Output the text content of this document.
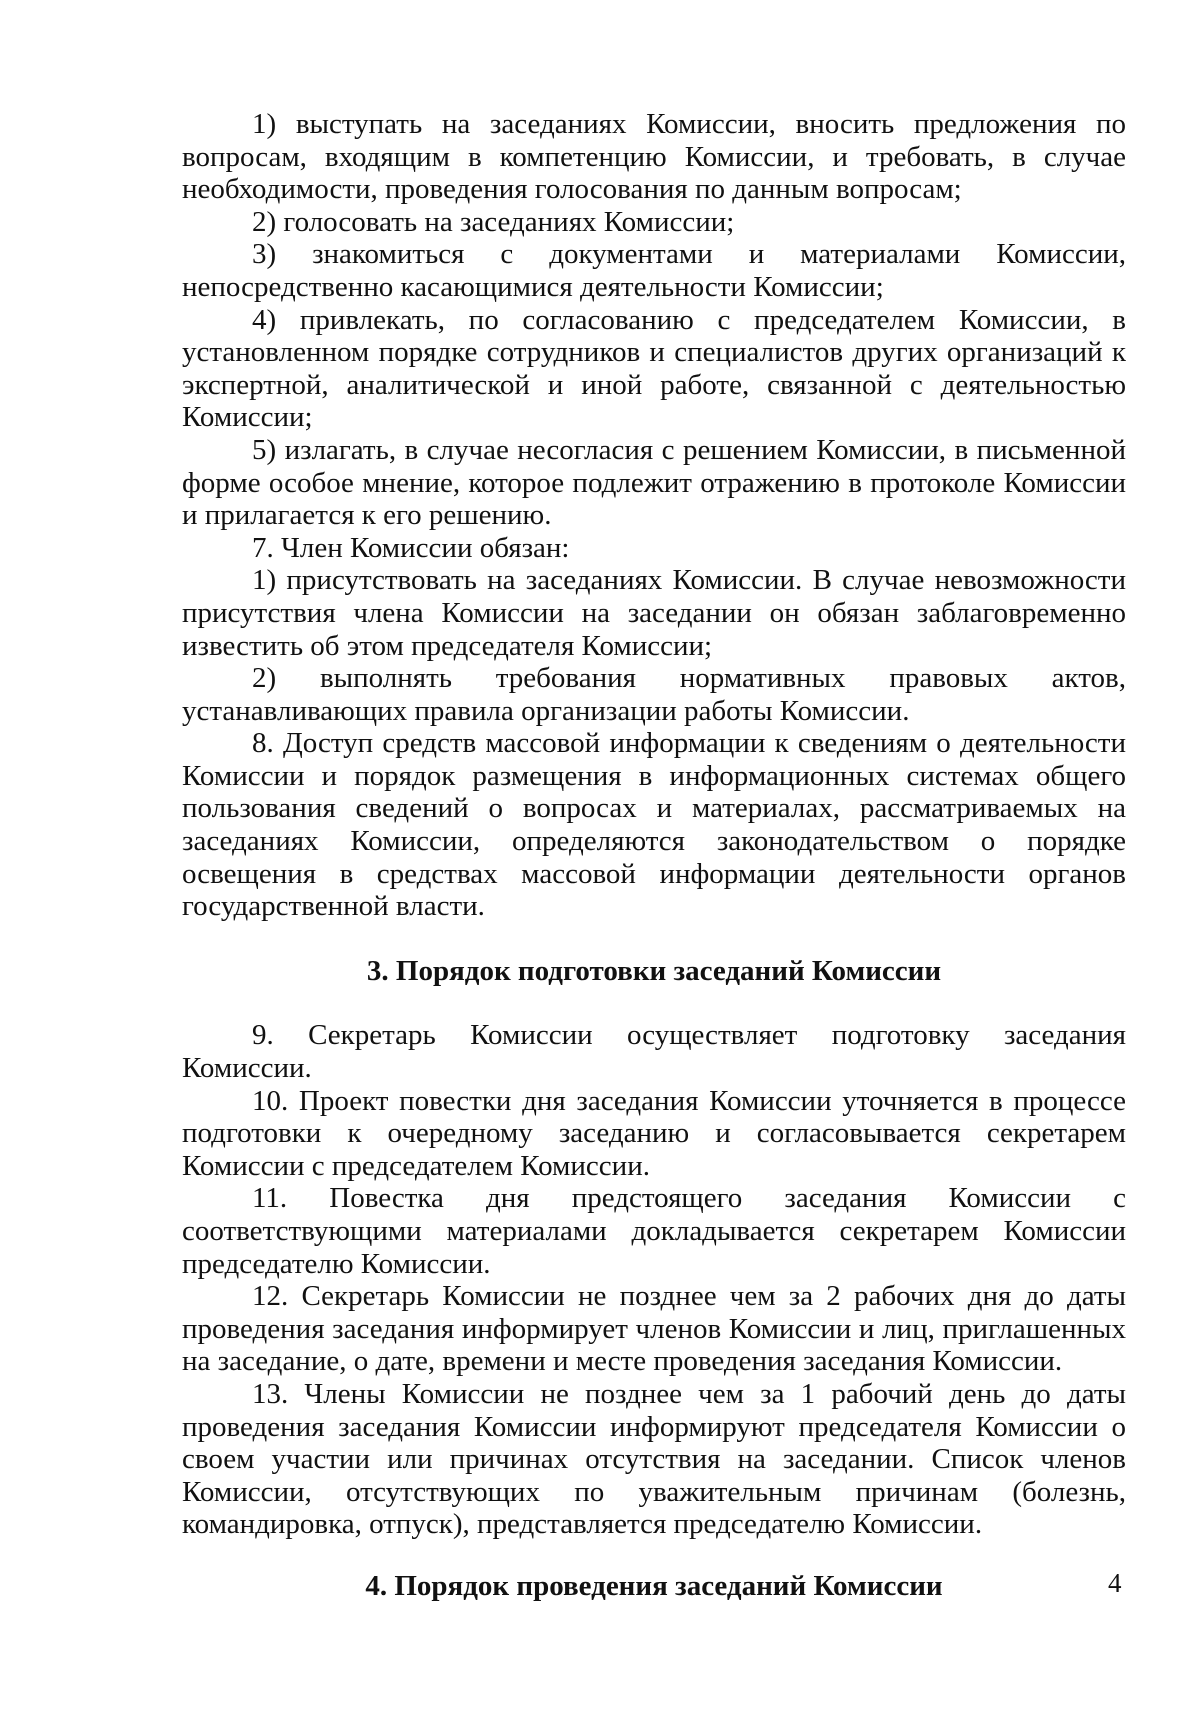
1) выступать на заседаниях Комиссии, вносить предложения по вопросам, входящим в компетенцию Комиссии, и требовать, в случае необходимости, проведения голосования по данным вопросам;

2) голосовать на заседаниях Комиссии;

3) знакомиться с документами и материалами Комиссии, непосредственно касающимися деятельности Комиссии;

4) привлекать, по согласованию с председателем Комиссии, в установленном порядке сотрудников и специалистов других организаций к экспертной, аналитической и иной работе, связанной с деятельностью Комиссии;

5) излагать, в случае несогласия с решением Комиссии, в письменной форме особое мнение, которое подлежит отражению в протоколе Комиссии и прилагается к его решению.

7. Член Комиссии обязан:

1) присутствовать на заседаниях Комиссии. В случае невозможности присутствия члена Комиссии на заседании он обязан заблаговременно известить об этом председателя Комиссии;

2) выполнять требования нормативных правовых актов, устанавливающих правила организации работы Комиссии.

8. Доступ средств массовой информации к сведениям о деятельности Комиссии и порядок размещения в информационных системах общего пользования сведений о вопросах и материалах, рассматриваемых на заседаниях Комиссии, определяются законодательством о порядке освещения в средствах массовой информации деятельности органов государственной власти.

3. Порядок подготовки заседаний Комиссии

9. Секретарь Комиссии осуществляет подготовку заседания Комиссии.

10. Проект повестки дня заседания Комиссии уточняется в процессе подготовки к очередному заседанию и согласовывается секретарем Комиссии с председателем Комиссии.

11. Повестка дня предстоящего заседания Комиссии с соответствующими материалами докладывается секретарем Комиссии председателю Комиссии.

12. Секретарь Комиссии не позднее чем за 2 рабочих дня до даты проведения заседания информирует членов Комиссии и лиц, приглашенных на заседание, о дате, времени и месте проведения заседания Комиссии.

13. Члены Комиссии не позднее чем за 1 рабочий день до даты проведения заседания Комиссии информируют председателя Комиссии о своем участии или причинах отсутствия на заседании. Список членов Комиссии, отсутствующих по уважительным причинам (болезнь, командировка, отпуск), представляется председателю Комиссии.

4. Порядок проведения заседаний Комиссии	4
